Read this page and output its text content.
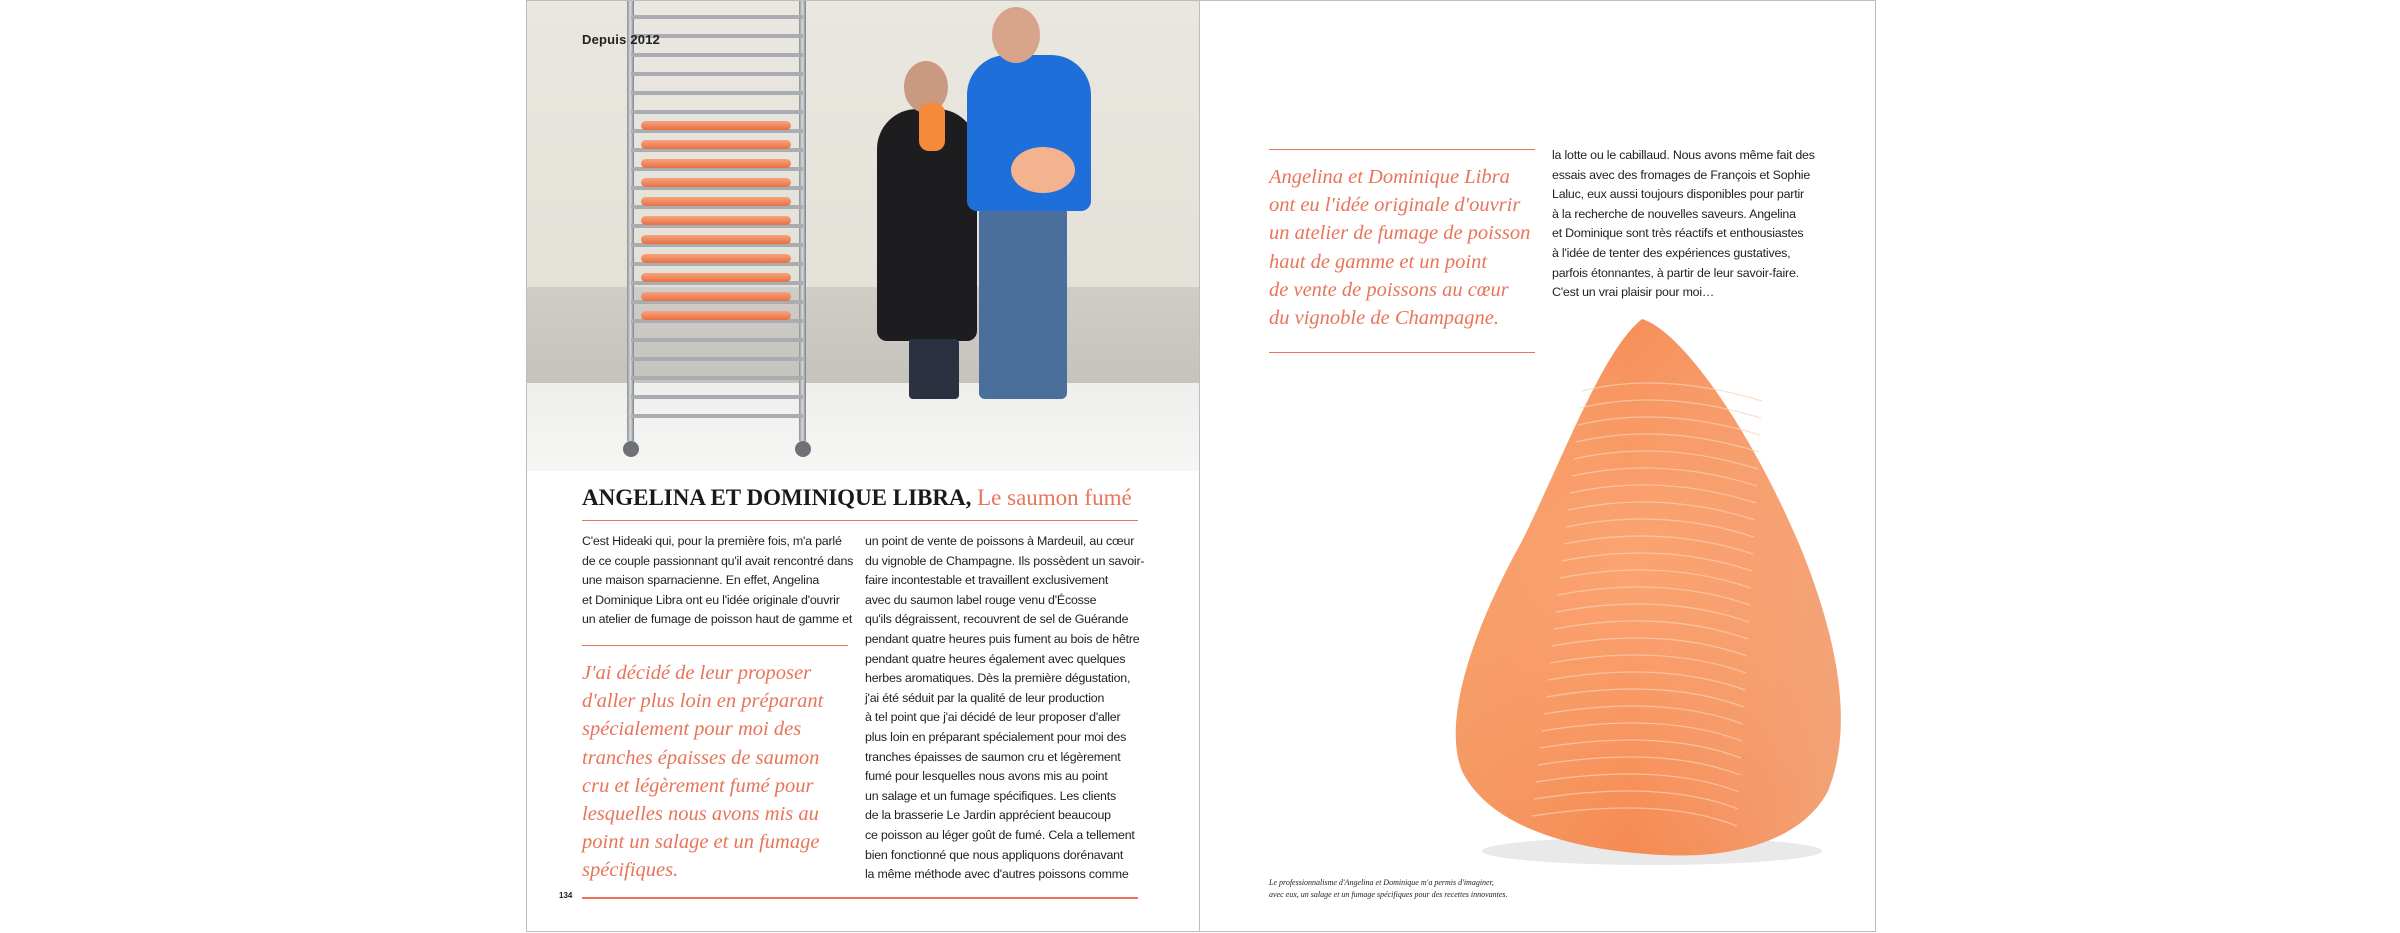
Depuis 2012
ANGELINA ET DOMINIQUE LIBRA, Le saumon fumé

C'est Hideaki qui, pour la première fois, m'a parlé

de ce couple passionnant qu'il avait rencontré dans

une maison sparnacienne. En effet, Angelina

et Dominique Libra ont eu l'idée originale d'ouvrir

un atelier de fumage de poisson haut de gamme et

J'ai décidé de leur proposer

d'aller plus loin en préparant

spécialement pour moi des

tranches épaisses de saumon

cru et légèrement fumé pour

lesquelles nous avons mis au

point un salage et un fumage

spécifiques.

un point de vente de poissons à Mardeuil, au cœur

du vignoble de Champagne. Ils possèdent un savoir-

faire incontestable et travaillent exclusivement

avec du saumon label rouge venu d'Écosse

qu'ils dégraissent, recouvrent de sel de Guérande

pendant quatre heures puis fument au bois de hêtre

pendant quatre heures également avec quelques

herbes aromatiques. Dès la première dégustation,

j'ai été séduit par la qualité de leur production

à tel point que j'ai décidé de leur proposer d'aller

plus loin en préparant spécialement pour moi des

tranches épaisses de saumon cru et légèrement

fumé pour lesquelles nous avons mis au point

un salage et un fumage spécifiques. Les clients

de la brasserie Le Jardin apprécient beaucoup

ce poisson au léger goût de fumé. Cela a tellement

bien fonctionné que nous appliquons dorénavant

la même méthode avec d'autres poissons comme

134

Angelina et Dominique Libra

ont eu l'idée originale d'ouvrir

un atelier de fumage de poisson

haut de gamme et un point

de vente de poissons au cœur

du vignoble de Champagne.

la lotte ou le cabillaud. Nous avons même fait des

essais avec des fromages de François et Sophie

Laluc, eux aussi toujours disponibles pour partir

à la recherche de nouvelles saveurs. Angelina

et Dominique sont très réactifs et enthousiastes

à l'idée de tenter des expériences gustatives,

parfois étonnantes, à partir de leur savoir-faire.

C'est un vrai plaisir pour moi…

Le professionnalisme d'Angelina et Dominique m'a permis d'imaginer,

avec eux, un salage et un fumage spécifiques pour des recettes innovantes.
